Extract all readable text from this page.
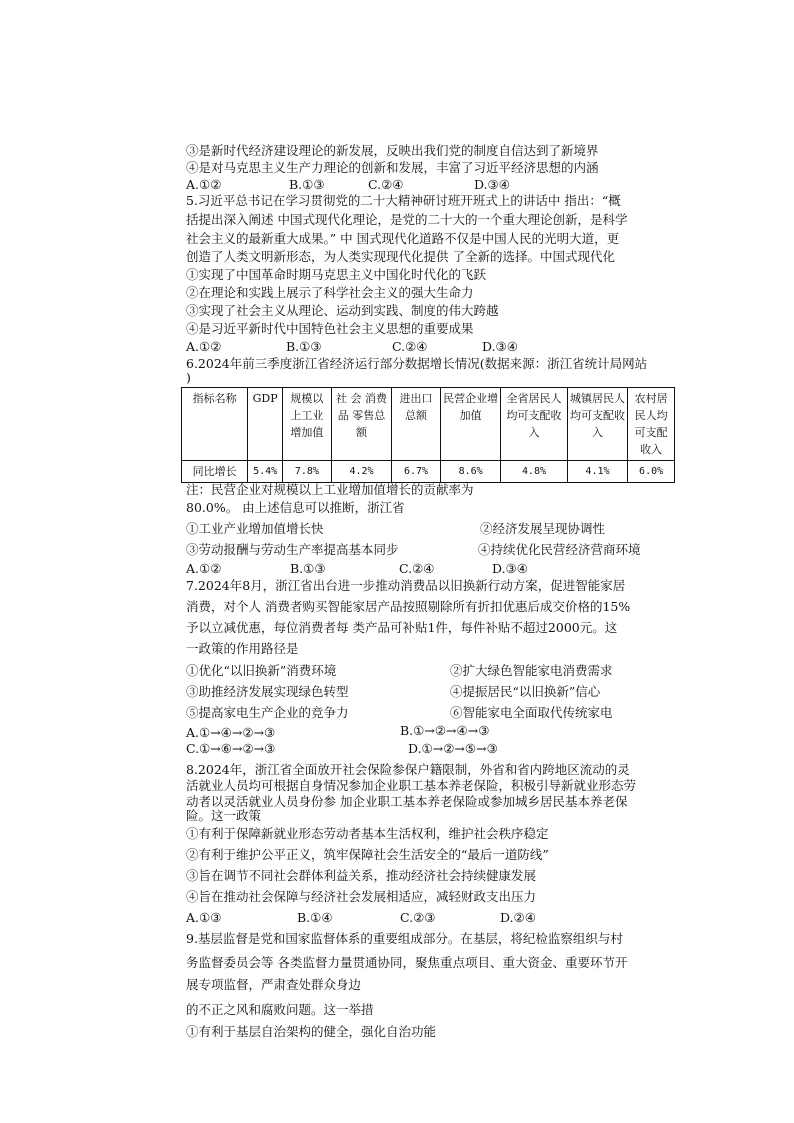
③是新时代经济建设理论的新发展，反映出我们党的制度自信达到了新境界
④是对马克思主义生产力理论的创新和发展，丰富了习近平经济思想的内涵
A.①②	B.①③	C.②④	D.③④
5.习近平总书记在学习贯彻党的二十大精神研讨班开班式上的讲话中 指出：“概
括提出深入阐述 中国式现代化理论，是党的二十大的一个重大理论创新，是科学
社会主义的最新重大成果。” 中 国式现代化道路不仅是中国人民的光明大道，更
创造了人类文明新形态，为人类实现现代化提供 了全新的选择。中国式现代化
①实现了中国革命时期马克思主义中国化时代化的飞跃
②在理论和实践上展示了科学社会主义的强大生命力
③实现了社会主义从理论、运动到实践、制度的伟大跨越
④是习近平新时代中国特色社会主义思想的重要成果
A.①②	B.①③	C.②④	D.③④
6.2024年前三季度浙江省经济运行部分数据增长情况(数据来源：浙江省统计局网站
)
指标名称	GDP	规模以上工业增加值	社 会 消费 品 零售总额	进出口总额	民营企业增加值	全省居民人均可支配收入	城镇居民人均可支配收入	农村居民人均可支配收入
同比增长	5.4%	7.8%	4.2%	6.7%	8.6%	4.8%	4.1%	6.0%
注：民营企业对规模以上工业增加值增长的贡献率为
80.0%。 由上述信息可以推断，浙江省
①工业产业增加值增长快	②经济发展呈现协调性
③劳动报酬与劳动生产率提高基本同步	④持续优化民营经济营商环境
A.①②	B.①③	C.②④	D.③④
7.2024年8月，浙江省出台进一步推动消费品以旧换新行动方案，促进智能家居
消费，对个人 消费者购买智能家居产品按照剔除所有折扣优惠后成交价格的15%
予以立减优惠，每位消费者每 类产品可补贴1件，每件补贴不超过2000元。这
一政策的作用路径是
①优化“以旧换新”消费环境	②扩大绿色智能家电消费需求
③助推经济发展实现绿色转型	④提振居民“以旧换新”信心
⑤提高家电生产企业的竞争力	⑥智能家电全面取代传统家电
A.①→④→②→③	B.①→②→④→③
C.①→⑥→②→③	D.①→②→⑤→③
8.2024年，浙江省全面放开社会保险参保户籍限制，外省和省内跨地区流动的灵
活就业人员均可根据自身情况参加企业职工基本养老保险，积极引导新就业形态劳
动者以灵活就业人员身份参 加企业职工基本养老保险或参加城乡居民基本养老保
险。这一政策
①有利于保障新就业形态劳动者基本生活权利，维护社会秩序稳定
②有利于维护公平正义，筑牢保障社会生活安全的“最后一道防线”
③旨在调节不同社会群体利益关系，推动经济社会持续健康发展
④旨在推动社会保障与经济社会发展相适应，减轻财政支出压力
A.①③	B.①④	C.②③	D.②④
9.基层监督是党和国家监督体系的重要组成部分。在基层，将纪检监察组织与村
务监督委员会等 各类监督力量贯通协同，聚焦重点项目、重大资金、重要环节开
展专项监督，严肃查处群众身边
的不正之风和腐败问题。这一举措
①有利于基层自治架构的健全，强化自治功能
